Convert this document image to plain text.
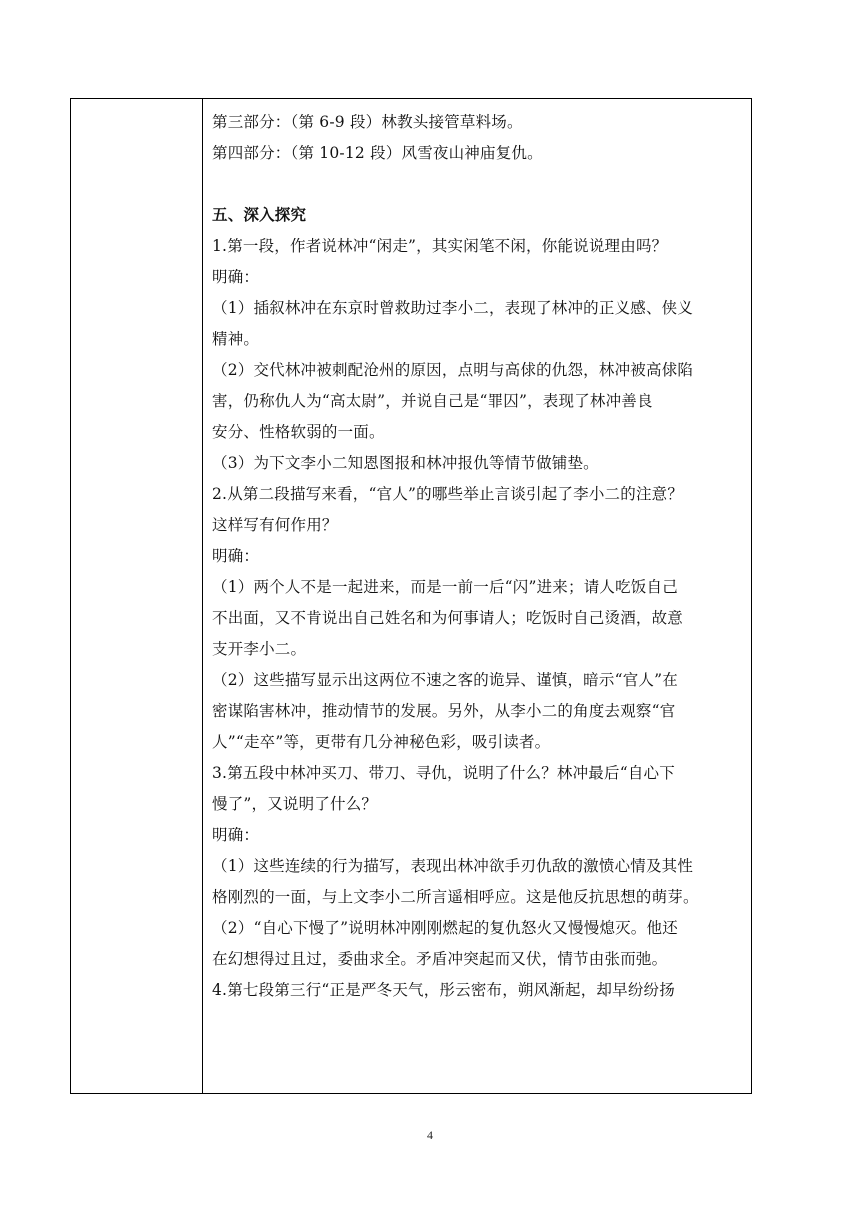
第三部分：（第 6-9 段）林教头接管草料场。
第四部分：（第 10-12 段）风雪夜山神庙复仇。
五、深入探究
1.第一段，作者说林冲“闲走”，其实闲笔不闲，你能说说理由吗？
明确：
（1）插叙林冲在东京时曾救助过李小二，表现了林冲的正义感、侠义
精神。
（2）交代林冲被刺配沧州的原因，点明与高俅的仇怨，林冲被高俅陷
害，仍称仇人为“高太尉”，并说自己是“罪囚”，表现了林冲善良
安分、性格软弱的一面。
（3）为下文李小二知恩图报和林冲报仇等情节做铺垫。
2.从第二段描写来看，“官人”的哪些举止言谈引起了李小二的注意？
这样写有何作用？
明确：
（1）两个人不是一起进来，而是一前一后“闪”进来；请人吃饭自己
不出面，又不肯说出自己姓名和为何事请人；吃饭时自己烫酒，故意
支开李小二。
（2）这些描写显示出这两位不速之客的诡异、谨慎，暗示“官人”在
密谋陷害林冲，推动情节的发展。另外，从李小二的角度去观察“官
人”“走卒”等，更带有几分神秘色彩，吸引读者。
3.第五段中林冲买刀、带刀、寻仇，说明了什么？林冲最后“自心下
慢了”，又说明了什么？
明确：
（1）这些连续的行为描写，表现出林冲欲手刃仇敌的激愤心情及其性
格刚烈的一面，与上文李小二所言遥相呼应。这是他反抗思想的萌芽。
（2）“自心下慢了”说明林冲刚刚燃起的复仇怒火又慢慢熄灭。他还
在幻想得过且过，委曲求全。矛盾冲突起而又伏，情节由张而弛。
4.第七段第三行“正是严冬天气，彤云密布，朔风渐起，却早纷纷扬
4
